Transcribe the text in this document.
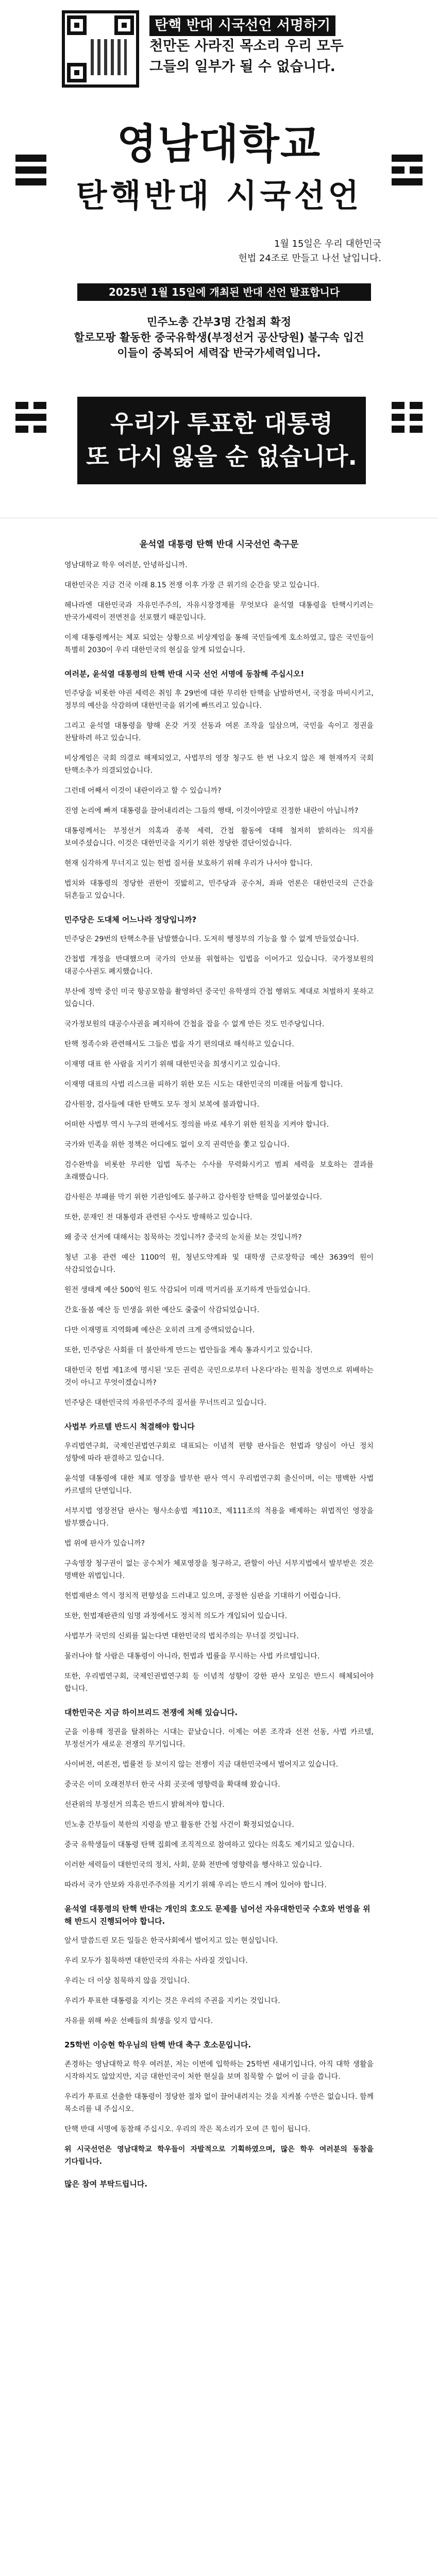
탄핵 반대 시국선언 서명하기
천만돈 사라진 목소리 우리 모두
그들의 일부가 될 수 없습니다.
영남대학교
탄핵반대 시국선언
1월 15일은 우리 대한민국
헌법 24조로 만들고 나선 날입니다.
2025년 1월 15일에 개최된 반대 선언 발표합니다
민주노총 간부3명 간첩죄 확정
할로모팡 활동한 중국유학생(부정선거 공산당원) 불구속 입건
이들이 중복되어 세력잡 반국가세력입니다.
우리가 투표한 대통령
또 다시 잃을 순 없습니다.
윤석열 대통령 탄핵 반대 시국선언 축구문

영남대학교 학우 여러분, 안녕하십니까.

대한민국은 지금 건국 이래 8.15 전쟁 이후 가장 큰 위기의 순간을 맞고 있습니다.

헤나라엔 대한민국과 자유민주주의, 자유시장경제를 무엇보다 윤석열 대통령을 탄핵시키려는 반국가세력이 전면전을 선포했기 때문입니다.

이제 대통령께서는 체포 되었는 상황으로 비상계엄을 통해 국민들에게 호소하였고, 많은 국민들이 특별히 2030이 우리 대한민국의 현실을 알게 되었습니다.

여러분, 윤석열 대통령의 탄핵 반대 시국 선언 서명에 동참해 주십시오!

민주당을 비롯한 야권 세력은 취임 후 29번에 대한 무리한 탄핵을 남발하면서, 국정을 마비시키고, 정부의 예산을 삭감하며 대한민국을 위기에 빠뜨리고 있습니다.

그리고 윤석열 대통령을 향해 온갖 거짓 선동과 여론 조작을 일삼으며, 국민을 속이고 정권을 찬탈하려 하고 있습니다.

비상계엄은 국회 의결로 해제되었고, 사법부의 영장 청구도 한 번 나오지 않은 채 현재까지 국회 탄핵소추가 의결되었습니다.

그런데 어째서 이것이 내란이라고 할 수 있습니까?

진영 논리에 빠져 대통령을 끌어내리려는 그들의 행태, 이것이야말로 진정한 내란이 아닙니까?

대통령께서는 부정선거 의혹과 종북 세력, 간첩 활동에 대해 철저히 밝히라는 의지를 보여주셨습니다. 이것은 대한민국을 지키기 위한 정당한 결단이었습니다.

현재 심각하게 무너지고 있는 헌법 질서를 보호하기 위해 우리가 나서야 합니다.

법치와 대통령의 정당한 권한이 짓밟히고, 민주당과 공수처, 좌파 언론은 대한민국의 근간을 뒤흔들고 있습니다.

민주당은 도대체 어느나라 정당입니까?

민주당은 29번의 탄핵소추를 남발했습니다. 도저히 행정부의 기능을 할 수 없게 만들었습니다.

간첩법 개정을 반대했으며 국가의 안보를 위협하는 입법을 이어가고 있습니다. 국가정보원의 대공수사권도 폐지했습니다.

부산에 정박 중인 미국 항공모함을 촬영하던 중국인 유학생의 간첩 행위도 제대로 처벌하지 못하고 있습니다.

국가정보원의 대공수사권을 폐지하여 간첩을 잡을 수 없게 만든 것도 민주당입니다.

탄핵 정족수와 관련해서도 그들은 법을 자기 편의대로 해석하고 있습니다.

이재명 대표 한 사람을 지키기 위해 대한민국을 희생시키고 있습니다.

이재명 대표의 사법 리스크를 피하기 위한 모든 시도는 대한민국의 미래를 어둡게 합니다.

감사원장, 검사들에 대한 탄핵도 모두 정치 보복에 불과합니다.

어떠한 사법부 역시 누구의 편에서도 정의를 바로 세우기 위한 원칙을 지켜야 합니다.

국가와 민족을 위한 정책은 어디에도 없이 오직 권력만을 쫓고 있습니다.

검수완박을 비롯한 무리한 입법 독주는 수사를 무력화시키고 범죄 세력을 보호하는 결과를 초래했습니다.

감사원은 부패를 막기 위한 기관임에도 불구하고 감사원장 탄핵을 밀어붙였습니다.

또한, 문재인 전 대통령과 관련된 수사도 방해하고 있습니다.

왜 중국 선거에 대해서는 침묵하는 것입니까? 중국의 눈치를 보는 것입니까?

청년 고용 관련 예산 1100억 원, 청년도약계좌 및 대학생 근로장학금 예산 3639억 원이 삭감되었습니다.

원전 생태계 예산 500억 원도 삭감되어 미래 먹거리를 포기하게 만들었습니다.

간호·돌봄 예산 등 민생을 위한 예산도 줄줄이 삭감되었습니다.

다만 이재명표 지역화폐 예산은 오히려 크게 증액되었습니다.

또한, 민주당은 사회를 더 불안하게 만드는 법안들을 계속 통과시키고 있습니다.

대한민국 헌법 제1조에 명시된 '모든 권력은 국민으로부터 나온다'라는 원칙을 정면으로 위배하는 것이 아니고 무엇이겠습니까?

민주당은 대한민국의 자유민주주의 질서를 무너뜨리고 있습니다.

사법부 카르텔 반드시 척결해야 합니다

우리법연구회, 국제인권법연구회로 대표되는 이념적 편향 판사들은 헌법과 양심이 아닌 정치 성향에 따라 판결하고 있습니다.

윤석열 대통령에 대한 체포 영장을 발부한 판사 역시 우리법연구회 출신이며, 이는 명백한 사법 카르텔의 단면입니다.

서부지법 영장전담 판사는 형사소송법 제110조, 제111조의 적용을 배제하는 위법적인 영장을 발부했습니다.

법 위에 판사가 있습니까?

구속영장 청구권이 없는 공수처가 체포영장을 청구하고, 관할이 아닌 서부지법에서 발부받은 것은 명백한 위법입니다.

헌법재판소 역시 정치적 편향성을 드러내고 있으며, 공정한 심판을 기대하기 어렵습니다.

또한, 헌법재판관의 임명 과정에서도 정치적 의도가 개입되어 있습니다.

사법부가 국민의 신뢰를 잃는다면 대한민국의 법치주의는 무너질 것입니다.

물러나야 할 사람은 대통령이 아니라, 헌법과 법률을 무시하는 사법 카르텔입니다.

또한, 우리법연구회, 국제인권법연구회 등 이념적 성향이 강한 판사 모임은 반드시 해체되어야 합니다.

대한민국은 지금 하이브리드 전쟁에 처해 있습니다.

군을 이용해 정권을 탈취하는 시대는 끝났습니다. 이제는 여론 조작과 선전 선동, 사법 카르텔, 부정선거가 새로운 전쟁의 무기입니다.

사이버전, 여론전, 법률전 등 보이지 않는 전쟁이 지금 대한민국에서 벌어지고 있습니다.

중국은 이미 오래전부터 한국 사회 곳곳에 영향력을 확대해 왔습니다.

선관위의 부정선거 의혹은 반드시 밝혀져야 합니다.

민노총 간부들이 북한의 지령을 받고 활동한 간첩 사건이 확정되었습니다.

중국 유학생들이 대통령 탄핵 집회에 조직적으로 참여하고 있다는 의혹도 제기되고 있습니다.

이러한 세력들이 대한민국의 정치, 사회, 문화 전반에 영향력을 행사하고 있습니다.

따라서 국가 안보와 자유민주주의를 지키기 위해 우리는 반드시 깨어 있어야 합니다.

윤석열 대통령의 탄핵 반대는 개인의 호오도 문제를 넘어선 자유대한민국 수호와 번영을 위해 반드시 진행되어야 합니다.

앞서 말씀드린 모든 일들은 한국사회에서 벌어지고 있는 현실입니다.

우리 모두가 침묵하면 대한민국의 자유는 사라질 것입니다.

우리는 더 이상 침묵하지 않을 것입니다.

우리가 투표한 대통령을 지키는 것은 우리의 주권을 지키는 것입니다.

자유를 위해 싸운 선배들의 희생을 잊지 맙시다.

25학번 이승현 학우님의 탄핵 반대 축구 호소문입니다.

존경하는 영남대학교 학우 여러분, 저는 이번에 입학하는 25학번 새내기입니다. 아직 대학 생활을 시작하지도 않았지만, 지금 대한민국이 처한 현실을 보며 침묵할 수 없어 이 글을 씁니다.

우리가 투표로 선출한 대통령이 정당한 절차 없이 끌어내려지는 것을 지켜볼 수만은 없습니다. 함께 목소리를 내 주십시오.

탄핵 반대 서명에 동참해 주십시오. 우리의 작은 목소리가 모여 큰 힘이 됩니다.

위 시국선언은 영남대학교 학우들이 자발적으로 기획하였으며, 많은 학우 여러분의 동참을 기다립니다.

많은 참여 부탁드립니다.
